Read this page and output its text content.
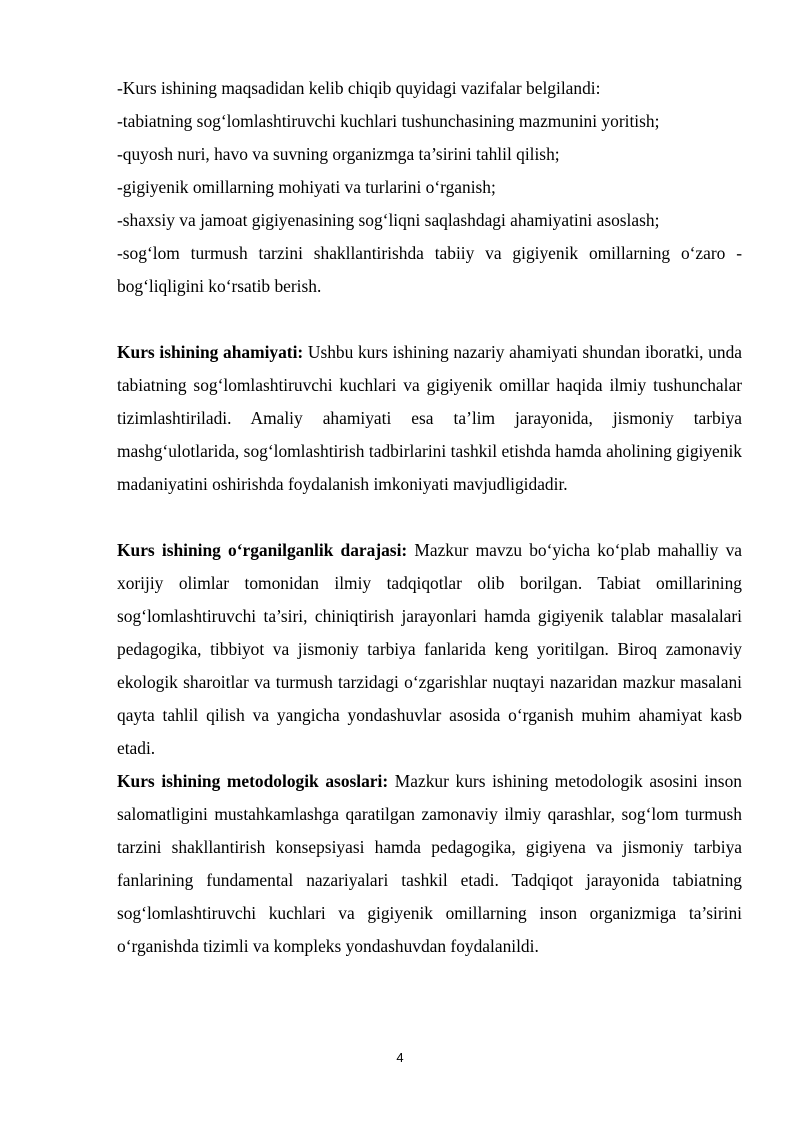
-Kurs ishining maqsadidan kelib chiqib quyidagi vazifalar belgilandi:
-tabiatning sog‘lomlashtiruvchi kuchlari tushunchasining mazmunini yoritish;
-quyosh nuri, havo va suvning organizmga ta’sirini tahlil qilish;
-gigiyenik omillarning mohiyati va turlarini o‘rganish;
-shaxsiy va jamoat gigiyenasining sog‘liqni saqlashdagi ahamiyatini asoslash;
-sog‘lom turmush tarzini shakllantirishda tabiiy va gigiyenik omillarning o‘zaro -bog‘liqligini ko‘rsatib berish.
Kurs ishining ahamiyati: Ushbu kurs ishining nazariy ahamiyati shundan iboratki, unda tabiatning sog‘lomlashtiruvchi kuchlari va gigiyenik omillar haqida ilmiy tushunchalar tizimlashtiriladi. Amaliy ahamiyati esa ta’lim jarayonida, jismoniy tarbiya mashg‘ulotlarida, sog‘lomlashtirish tadbirlarini tashkil etishda hamda aholining gigiyenik madaniyatini oshirishda foydalanish imkoniyati mavjudligidadir.
Kurs ishining o‘rganilganlik darajasi: Mazkur mavzu bo‘yicha ko‘plab mahalliy va xorijiy olimlar tomonidan ilmiy tadqiqotlar olib borilgan. Tabiat omillarining sog‘lomlashtiruvchi ta’siri, chiniqtirish jarayonlari hamda gigiyenik talablar masalalari pedagogika, tibbiyot va jismoniy tarbiya fanlarida keng yoritilgan. Biroq zamonaviy ekologik sharoitlar va turmush tarzidagi o‘zgarishlar nuqtayi nazaridan mazkur masalani qayta tahlil qilish va yangicha yondashuvlar asosida o‘rganish muhim ahamiyat kasb etadi.
Kurs ishining metodologik asoslari: Mazkur kurs ishining metodologik asosini inson salomatligini mustahkamlashga qaratilgan zamonaviy ilmiy qarashlar, sog‘lom turmush tarzini shakllantirish konsepsiyasi hamda pedagogika, gigiyena va jismoniy tarbiya fanlarining fundamental nazariyalari tashkil etadi. Tadqiqot jarayonida tabiatning sog‘lomlashtiruvchi kuchlari va gigiyenik omillarning inson organizmiga ta’sirini o‘rganishda tizimli va kompleks yondashuvdan foydalanildi.
4
